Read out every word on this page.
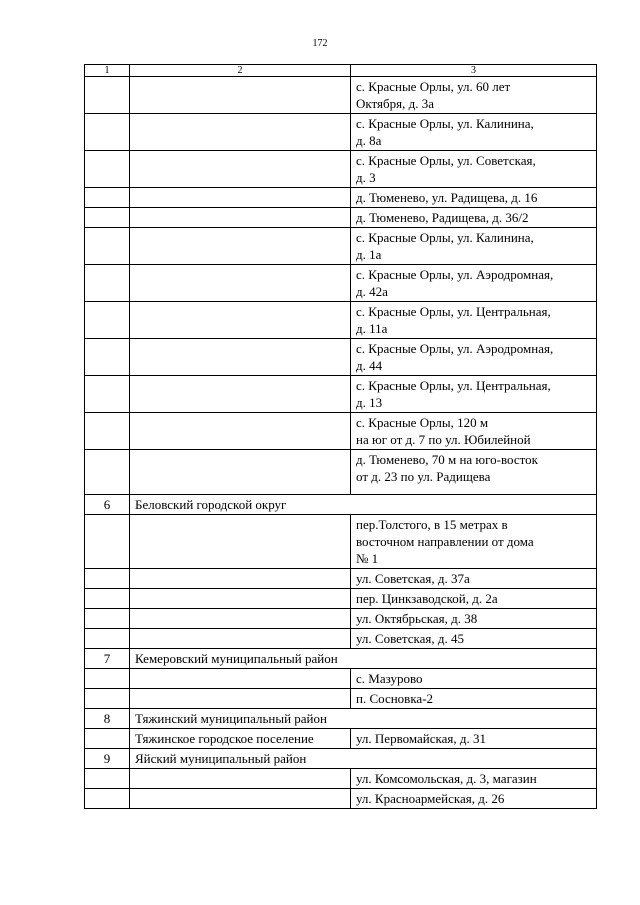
172
1	2	3

		с. Красные Орлы, ул. 60 лет
Октября, д. 3а

		с. Красные Орлы, ул. Калинина,
д. 8а

		с. Красные Орлы, ул. Советская,
д. 3

		д. Тюменево, ул. Радищева, д. 16

		д. Тюменево, Радищева, д. 36/2

		с. Красные Орлы, ул. Калинина,
д. 1а

		с. Красные Орлы, ул. Аэродромная,
д. 42а

		с. Красные Орлы, ул. Центральная,
д. 11а

		с. Красные Орлы, ул. Аэродромная,
д. 44

		с. Красные Орлы, ул. Центральная,
д. 13

		с. Красные Орлы, 120 м
на юг от д. 7 по ул. Юбилейной

		д. Тюменево, 70 м на юго-восток
от д. 23 по ул. Радищева

6	Беловский городской округ	

		пер.Толстого, в 15 метрах в
восточном направлении от дома
№ 1

		ул. Советская, д. 37а

		пер. Цинкзаводской, д. 2а

		ул. Октябрьская, д. 38

		ул. Советская, д. 45

7	Кемеровский муниципальный район	

		с. Мазурово

		п. Сосновка-2

8	Тяжинский муниципальный район	
	Тяжинское городское поселение	ул. Первомайская, д. 31

9	Яйский муниципальный район	

		ул. Комсомольская, д. 3, магазин

		ул. Красноармейская, д. 26
